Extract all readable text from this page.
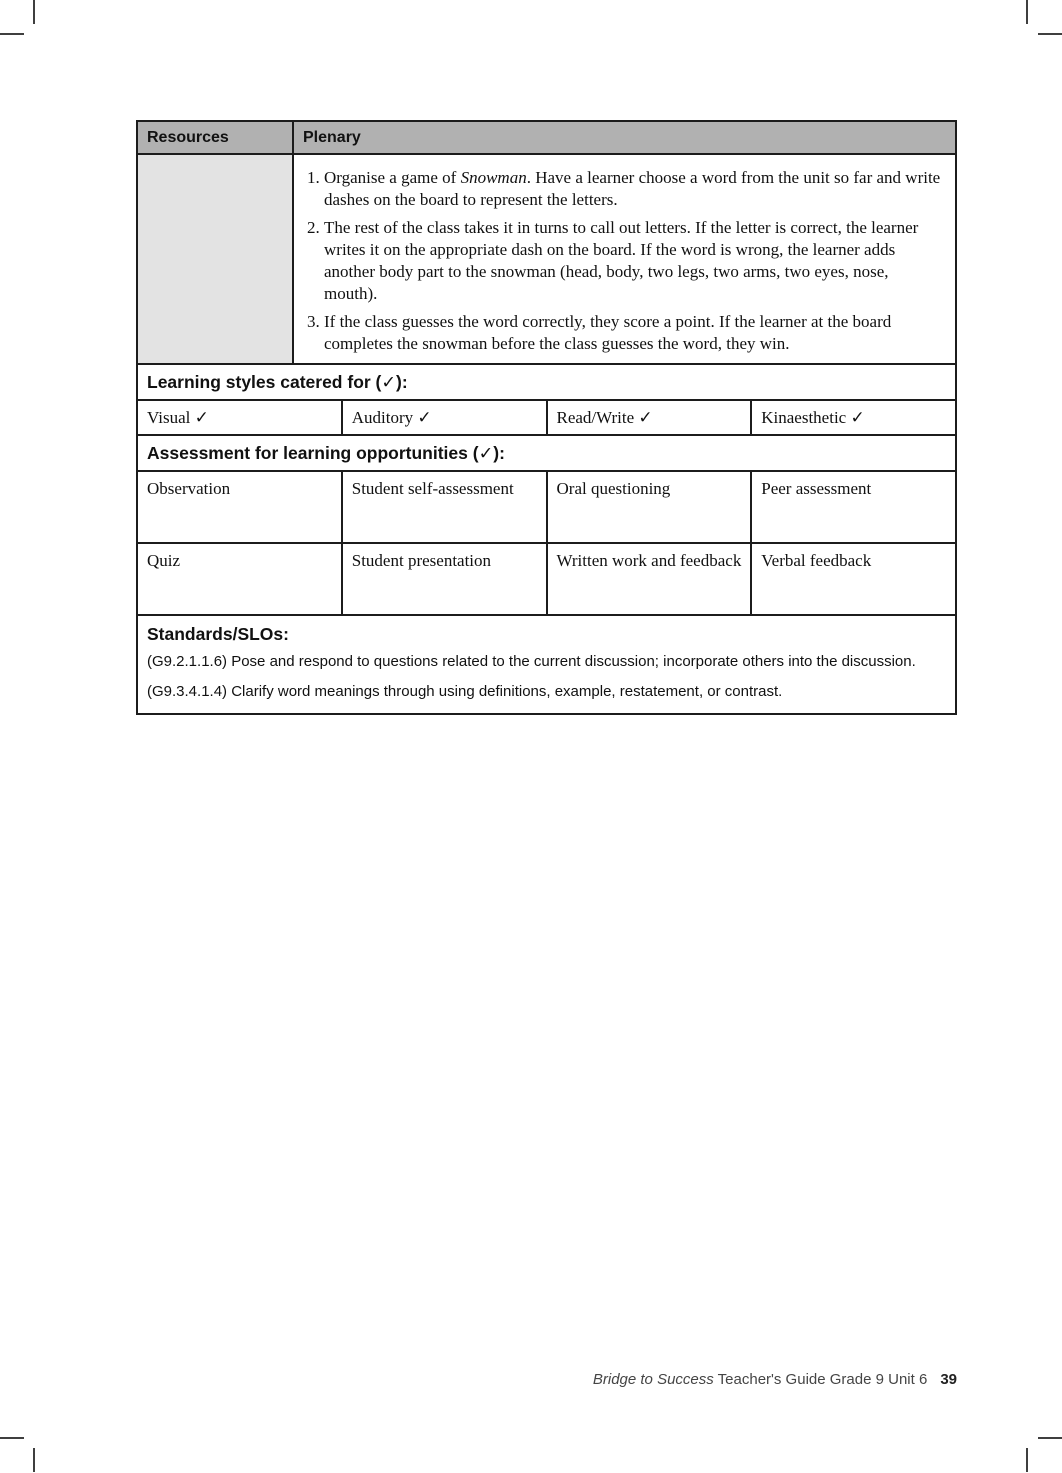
Resources	Plenary
1. Organise a game of Snowman. Have a learner choose a word from the unit so far and write dashes on the board to represent the letters.
2. The rest of the class takes it in turns to call out letters. If the letter is correct, the learner writes it on the appropriate dash on the board. If the word is wrong, the learner adds another body part to the snowman (head, body, two legs, two arms, two eyes, nose, mouth).
3. If the class guesses the word correctly, they score a point. If the learner at the board completes the snowman before the class guesses the word, they win.
Learning styles catered for (✓):
Visual ✓	Auditory ✓	Read/Write ✓	Kinaesthetic ✓
Assessment for learning opportunities (✓):
Observation	Student self-assessment	Oral questioning	Peer assessment
Quiz	Student presentation	Written work and feedback	Verbal feedback
Standards/SLOs:

(G9.2.1.1.6) Pose and respond to questions related to the current discussion; incorporate others into the discussion.

(G9.3.4.1.4) Clarify word meanings through using definitions, example, restatement, or contrast.

Bridge to Success Teacher's Guide Grade 9 Unit 6 39
